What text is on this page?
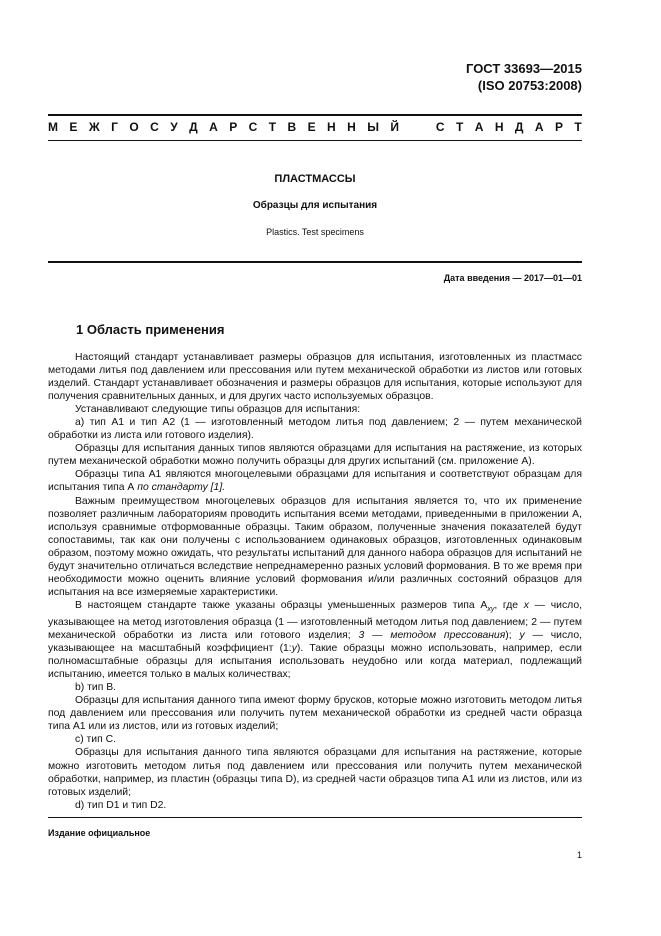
ГОСТ 33693—2015
(ISO 20753:2008)
М Е Ж Г О С У Д А Р С Т В Е Н Н Ы Й	С Т А Н Д А Р Т
ПЛАСТМАССЫ
Образцы для испытания
Plastics. Test specimens
Дата введения — 2017—01—01
1 Область применения

Настоящий стандарт устанавливает размеры образцов для испытания, изготовленных из пластмасс методами литья под давлением или прессования или путем механической обработки из листов или готовых изделий. Стандарт устанавливает обозначения и размеры образцов для испытания, которые используют для получения сравнительных данных, и для других часто используемых образцов.

Устанавливают следующие типы образцов для испытания:

a) тип А1 и тип А2 (1 — изготовленный методом литья под давлением; 2 — путем механической обработки из листа или готового изделия).

Образцы для испытания данных типов являются образцами для испытания на растяжение, из которых путем механической обработки можно получить образцы для других испытаний (см. приложение А).

Образцы типа А1 являются многоцелевыми образцами для испытания и соответствуют образцам для испытания типа А по стандарту [1].

Важным преимуществом многоцелевых образцов для испытания является то, что их применение позволяет различным лабораториям проводить испытания всеми методами, приведенными в приложении А, используя сравнимые отформованные образцы. Таким образом, полученные значения показателей будут сопоставимы, так как они получены с использованием одинаковых образцов, изготовленных одинаковым образом, поэтому можно ожидать, что результаты испытаний для данного набора образцов для испытаний не будут значительно отличаться вследствие непреднамеренно разных условий формования. В то же время при необходимости можно оценить влияние условий формования и/или различных состояний образцов для испытания на все измеряемые характеристики.

В настоящем стандарте также указаны образцы уменьшенных размеров типа $А_{xy}$, где x — число, указывающее на метод изготовления образца (1 — изготовленный методом литья под давлением; 2 — путем механической обработки из листа или готового изделия; 3 — методом прессования); y — число, указывающее на масштабный коэффициент (1:y). Такие образцы можно использовать, например, если полномасштабные образцы для испытания использовать неудобно или когда материал, подлежащий испытанию, имеется только в малых количествах;

b) тип В.

Образцы для испытания данного типа имеют форму брусков, которые можно изготовить методом литья под давлением или прессования или получить путем механической обработки из средней части образца типа А1 или из листов, или из готовых изделий;

c) тип С.

Образцы для испытания данного типа являются образцами для испытания на растяжение, которые можно изготовить методом литья под давлением или прессования или получить путем механической обработки, например, из пластин (образцы типа D), из средней части образцов типа А1 или из листов, или из готовых изделий;

d) тип D1 и тип D2.

Издание официальное
1
